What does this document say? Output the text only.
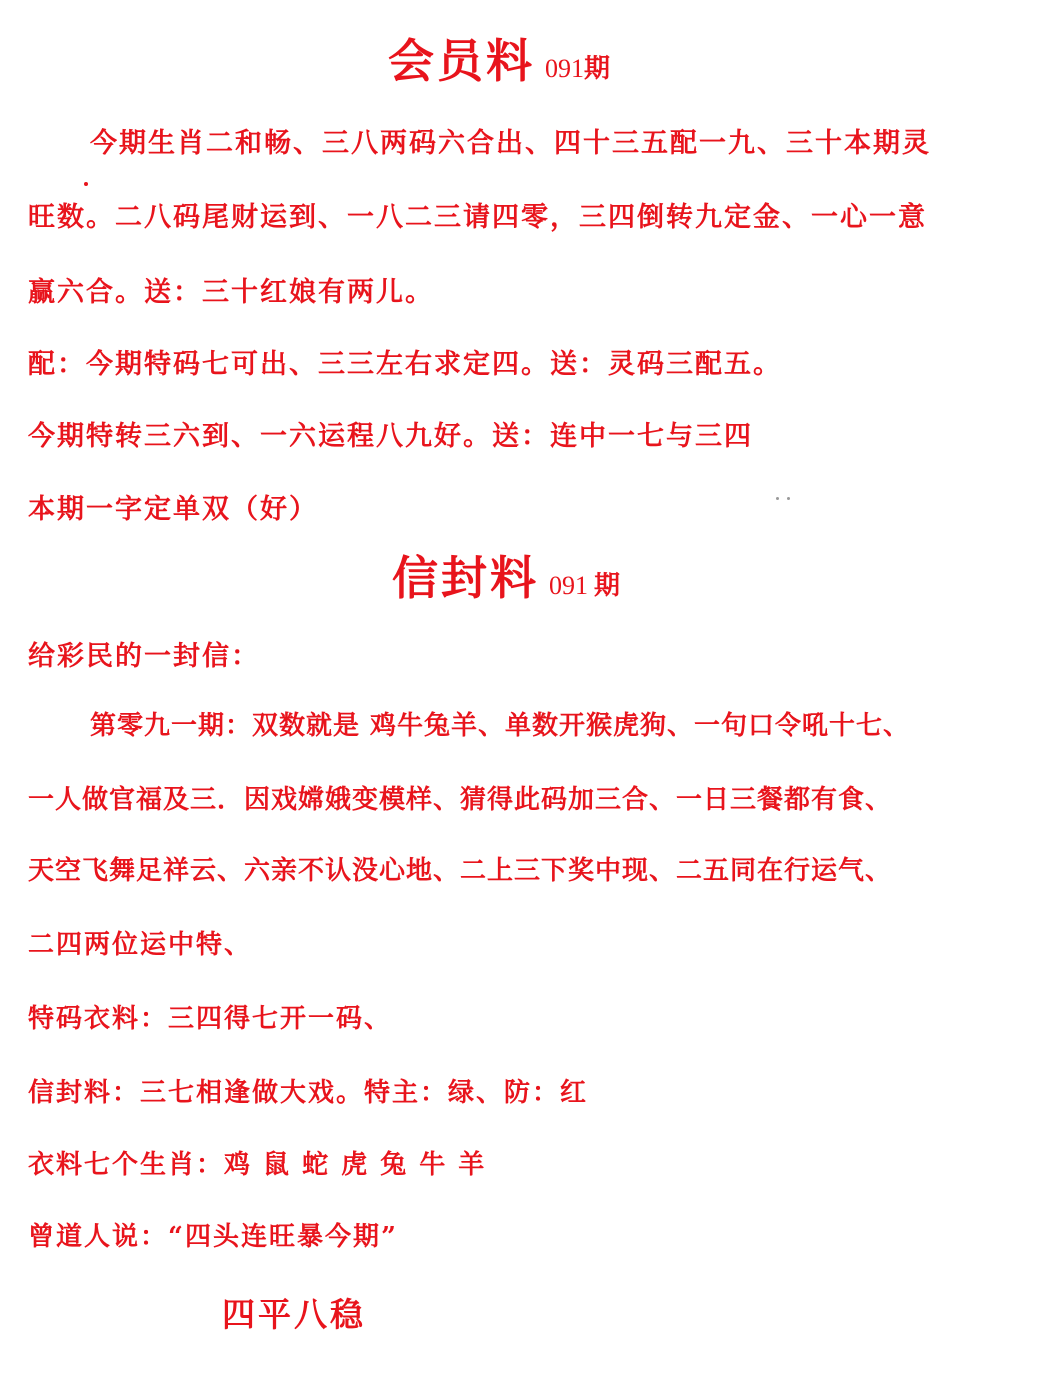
会员料 091期
今期生肖二和畅、三八两码六合出、四十三五配一九、三十本期灵
旺数。二八码尾财运到、一八二三请四零，三四倒转九定金、一心一意
赢六合。送：三十红娘有两儿。
配：今期特码七可出、三三左右求定四。送：灵码三配五。
今期特转三六到、一六运程八九好。送：连中一七与三四
本期一字定单双（好）
信封料 091 期
给彩民的一封信：
第零九一期：双数就是 鸡牛兔羊、单数开猴虎狗、一句口令吼十七、
一人做官福及三．因戏嫦娥变模样、猜得此码加三合、一日三餐都有食、
天空飞舞足祥云、六亲不认没心地、二上三下奖中现、二五同在行运气、
二四两位运中特、
特码衣料：三四得七开一码、
信封料：三七相逢做大戏。特主：绿、防：红
衣料七个生肖：鸡 鼠 蛇 虎 兔 牛 羊
曾道人说：“四头连旺暴今期”
四平八稳
